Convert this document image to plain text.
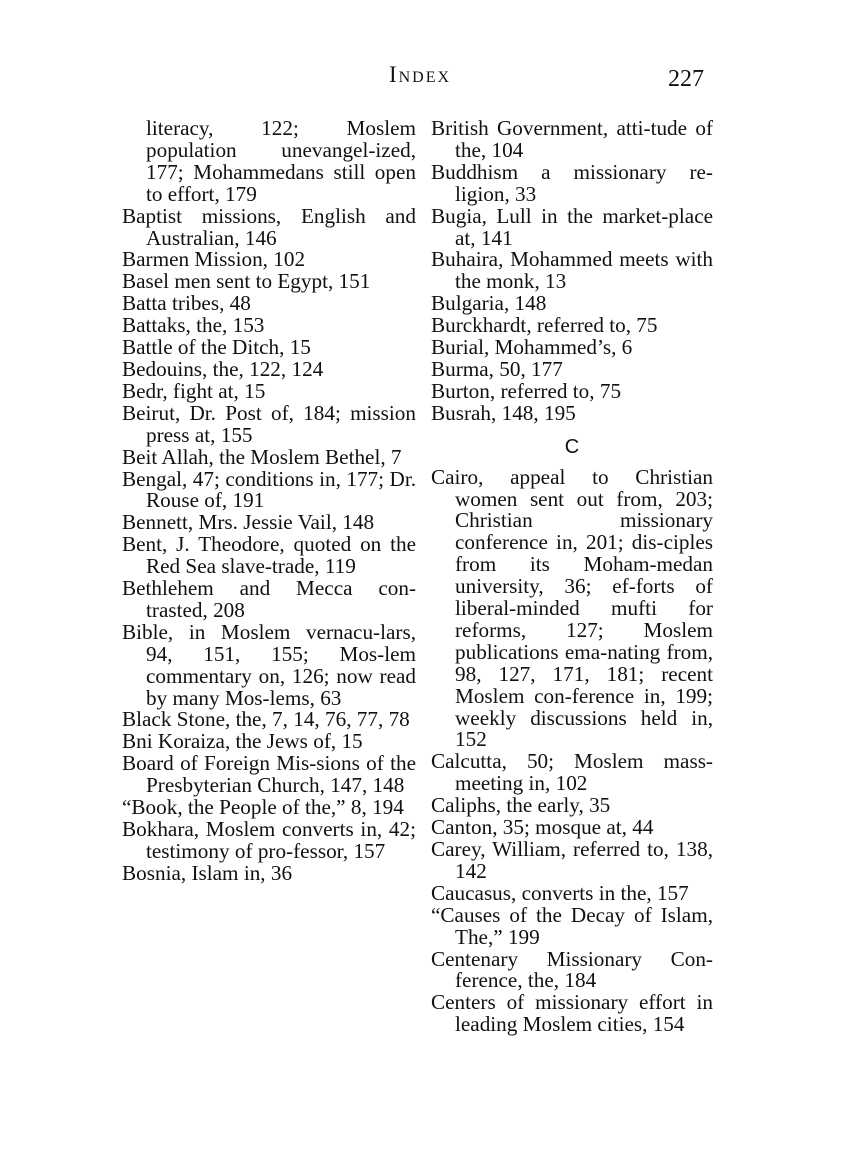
Index	227

literacy, 122; Moslem population unevangel-ized, 177; Mohammedans still open to effort, 179

Baptist missions, English and Australian, 146

Barmen Mission, 102

Basel men sent to Egypt, 151

Batta tribes, 48

Battaks, the, 153

Battle of the Ditch, 15

Bedouins, the, 122, 124

Bedr, fight at, 15

Beirut, Dr. Post of, 184; mission press at, 155

Beit Allah, the Moslem Bethel, 7

Bengal, 47; conditions in, 177; Dr. Rouse of, 191

Bennett, Mrs. Jessie Vail, 148

Bent, J. Theodore, quoted on the Red Sea slave-trade, 119

Bethlehem and Mecca con-trasted, 208

Bible, in Moslem vernacu-lars, 94, 151, 155; Mos-lem commentary on, 126; now read by many Mos-lems, 63

Black Stone, the, 7, 14, 76, 77, 78

Bni Koraiza, the Jews of, 15

Board of Foreign Mis-sions of the Presbyterian Church, 147, 148

“Book, the People of the,” 8, 194

Bokhara, Moslem converts in, 42; testimony of pro-fessor, 157

Bosnia, Islam in, 36

British Government, atti-tude of the, 104

Buddhism a missionary re-ligion, 33

Bugia, Lull in the market-place at, 141

Buhaira, Mohammed meets with the monk, 13

Bulgaria, 148

Burckhardt, referred to, 75

Burial, Mohammed’s, 6

Burma, 50, 177

Burton, referred to, 75

Busrah, 148, 195

C

Cairo, appeal to Christian women sent out from, 203; Christian missionary conference in, 201; dis-ciples from its Moham-medan university, 36; ef-forts of liberal-minded mufti for reforms, 127; Moslem publications ema-nating from, 98, 127, 171, 181; recent Moslem con-ference in, 199; weekly discussions held in, 152

Calcutta, 50; Moslem mass-meeting in, 102

Caliphs, the early, 35

Canton, 35; mosque at, 44

Carey, William, referred to, 138, 142

Caucasus, converts in the, 157

“Causes of the Decay of Islam, The,” 199

Centenary Missionary Con-ference, the, 184

Centers of missionary effort in leading Moslem cities, 154
